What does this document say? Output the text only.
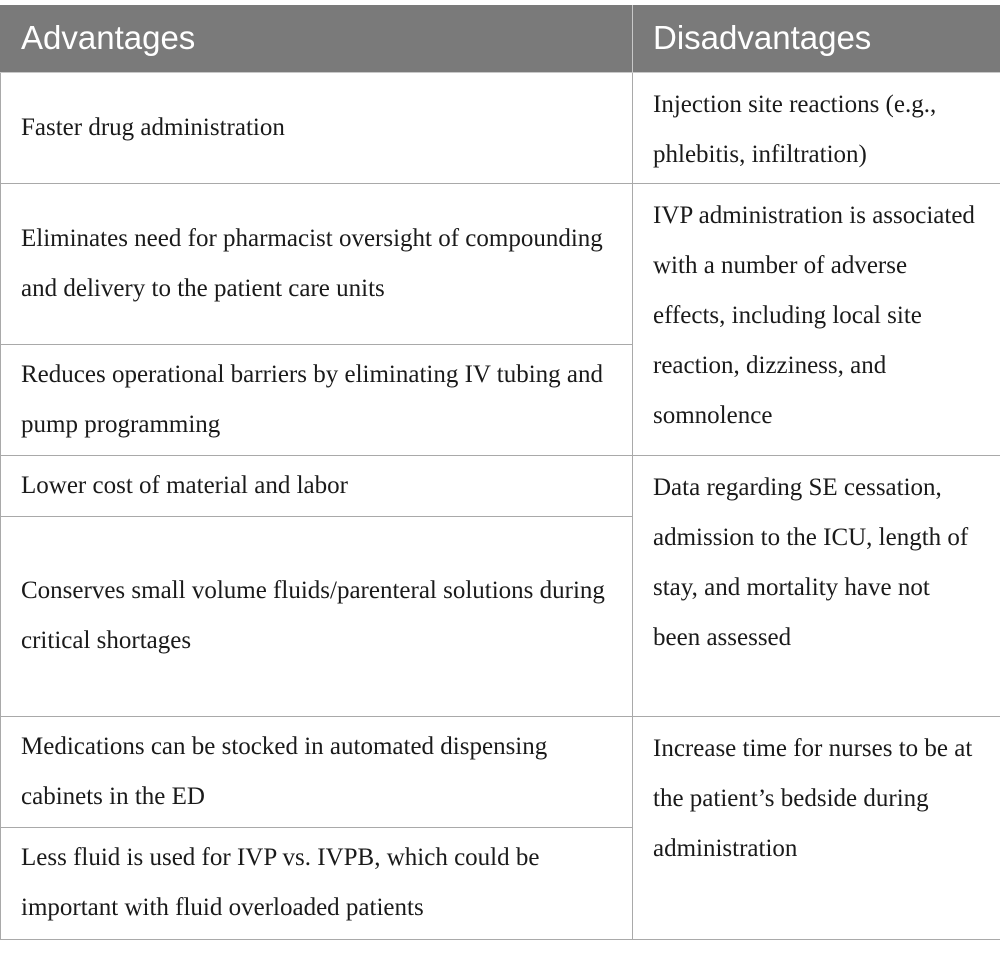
Advantages	Disadvantages
Faster drug administration	Injection site reactions (e.g., phlebitis, infiltration)
Eliminates need for pharmacist oversight of compounding and delivery to the patient care units	IVP administration is associated with a number of adverse effects, including local site reaction, dizziness, and somnolence
Reduces operational barriers by eliminating IV tubing and pump programming	
Lower cost of material and labor	Data regarding SE cessation, admission to the ICU, length of stay, and mortality have not been assessed
Conserves small volume fluids/parenteral solutions during critical shortages	
Medications can be stocked in automated dispensing cabinets in the ED	Increase time for nurses to be at the patient’s bedside during administration
Less fluid is used for IVP vs. IVPB, which could be important with fluid overloaded patients	
